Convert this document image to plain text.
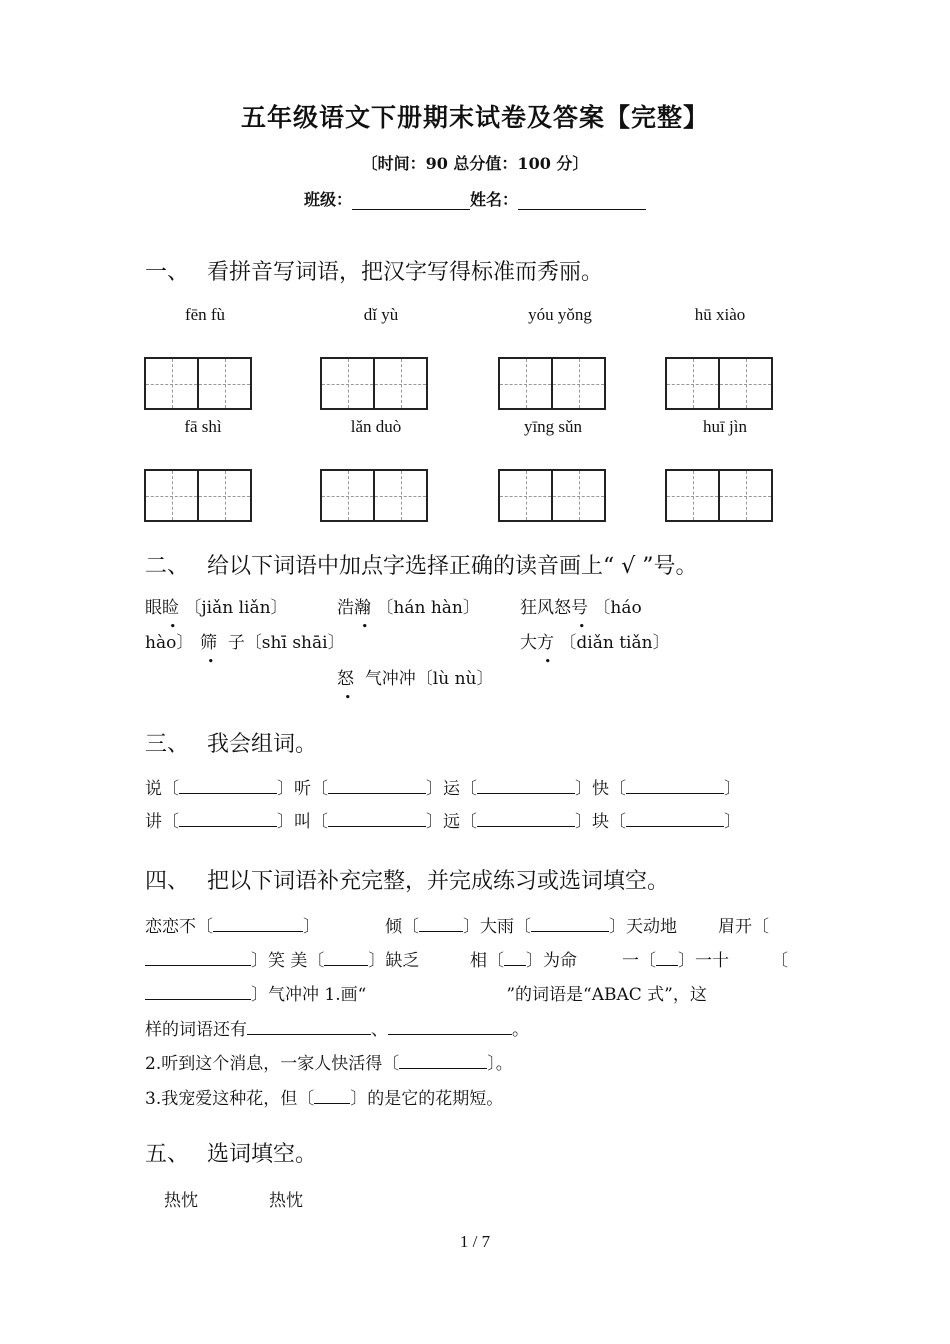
五年级语文下册期末试卷及答案【完整】
〔时间：90 总分值：100 分〕
班级：	姓名：
一、 看拼音写词语，把汉字写得标准而秀丽。
fēn fù	dǐ yù	yóu yǒng	hū xiào
fā shì	lǎn duò	yīng sǔn	huī jìn
二、 给以下词语中加点字选择正确的读音画上“ √ ”号。
眼睑 〔jiǎn liǎn〕	浩瀚 〔hán hàn〕 狂风怒号 〔háo
hào〕 筛 子〔shī shāi〕	大方 〔diǎn tiǎn〕
怒 气冲冲〔lù nù〕
三、 我会组词。
说〔	〕听〔	〕运〔	〕快〔	〕
讲〔	〕叫〔	〕远〔	〕块〔	〕
四、 把以下词语补充完整，并完成练习或选词填空。
恋恋不〔	〕	倾〔	〕大雨〔	〕天动地 眉开〔
〕笑 美〔	〕缺乏	相〔 〕为命	一〔 〕一十 〔
〕气冲冲 1.画“	”的词语是“ABAC 式”，这
样的词语还有	、	。
2.听到这个消息，一家人快活得〔	〕。
3.我宠爱这种花，但〔 〕的是它的花期短。
五、 选词填空。
热忱	热忱
1 / 7
